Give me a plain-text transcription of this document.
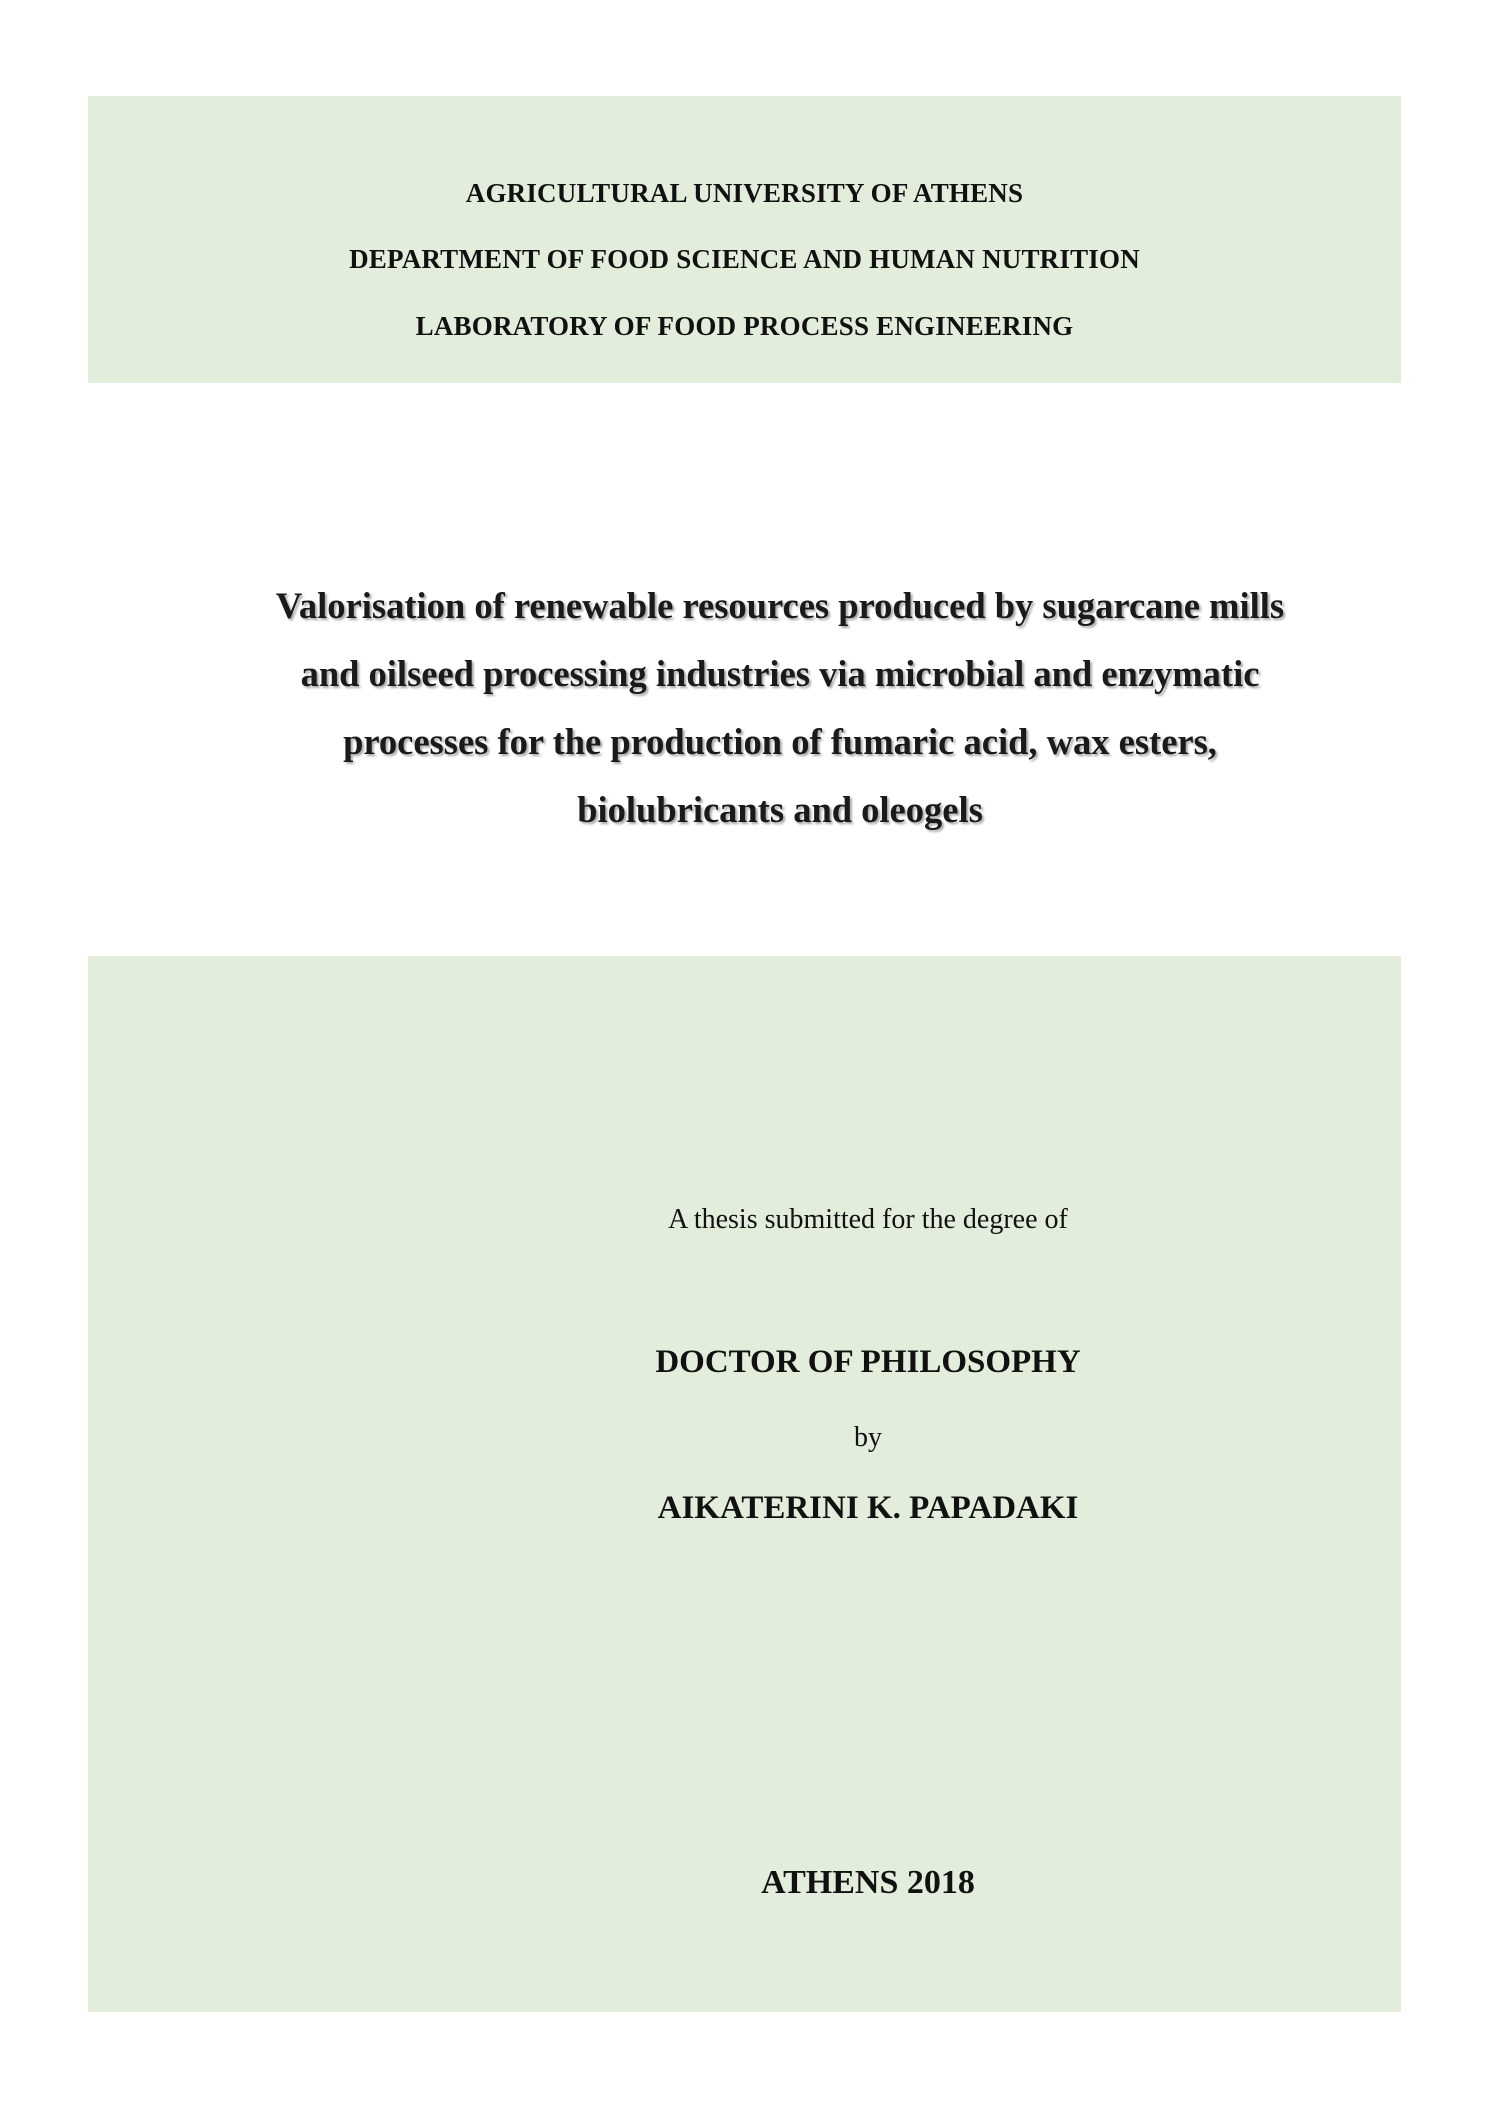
AGRICULTURAL UNIVERSITY OF ATHENS
DEPARTMENT OF FOOD SCIENCE AND HUMAN NUTRITION
LABORATORY OF FOOD PROCESS ENGINEERING
Valorisation of renewable resources produced by sugarcane mills
and oilseed processing industries via microbial and enzymatic
processes for the production of fumaric acid, wax esters,
biolubricants and oleogels
A thesis submitted for the degree of
DOCTOR OF PHILOSOPHY
by
AIKATERINI K. PAPADAKI
ATHENS 2018
